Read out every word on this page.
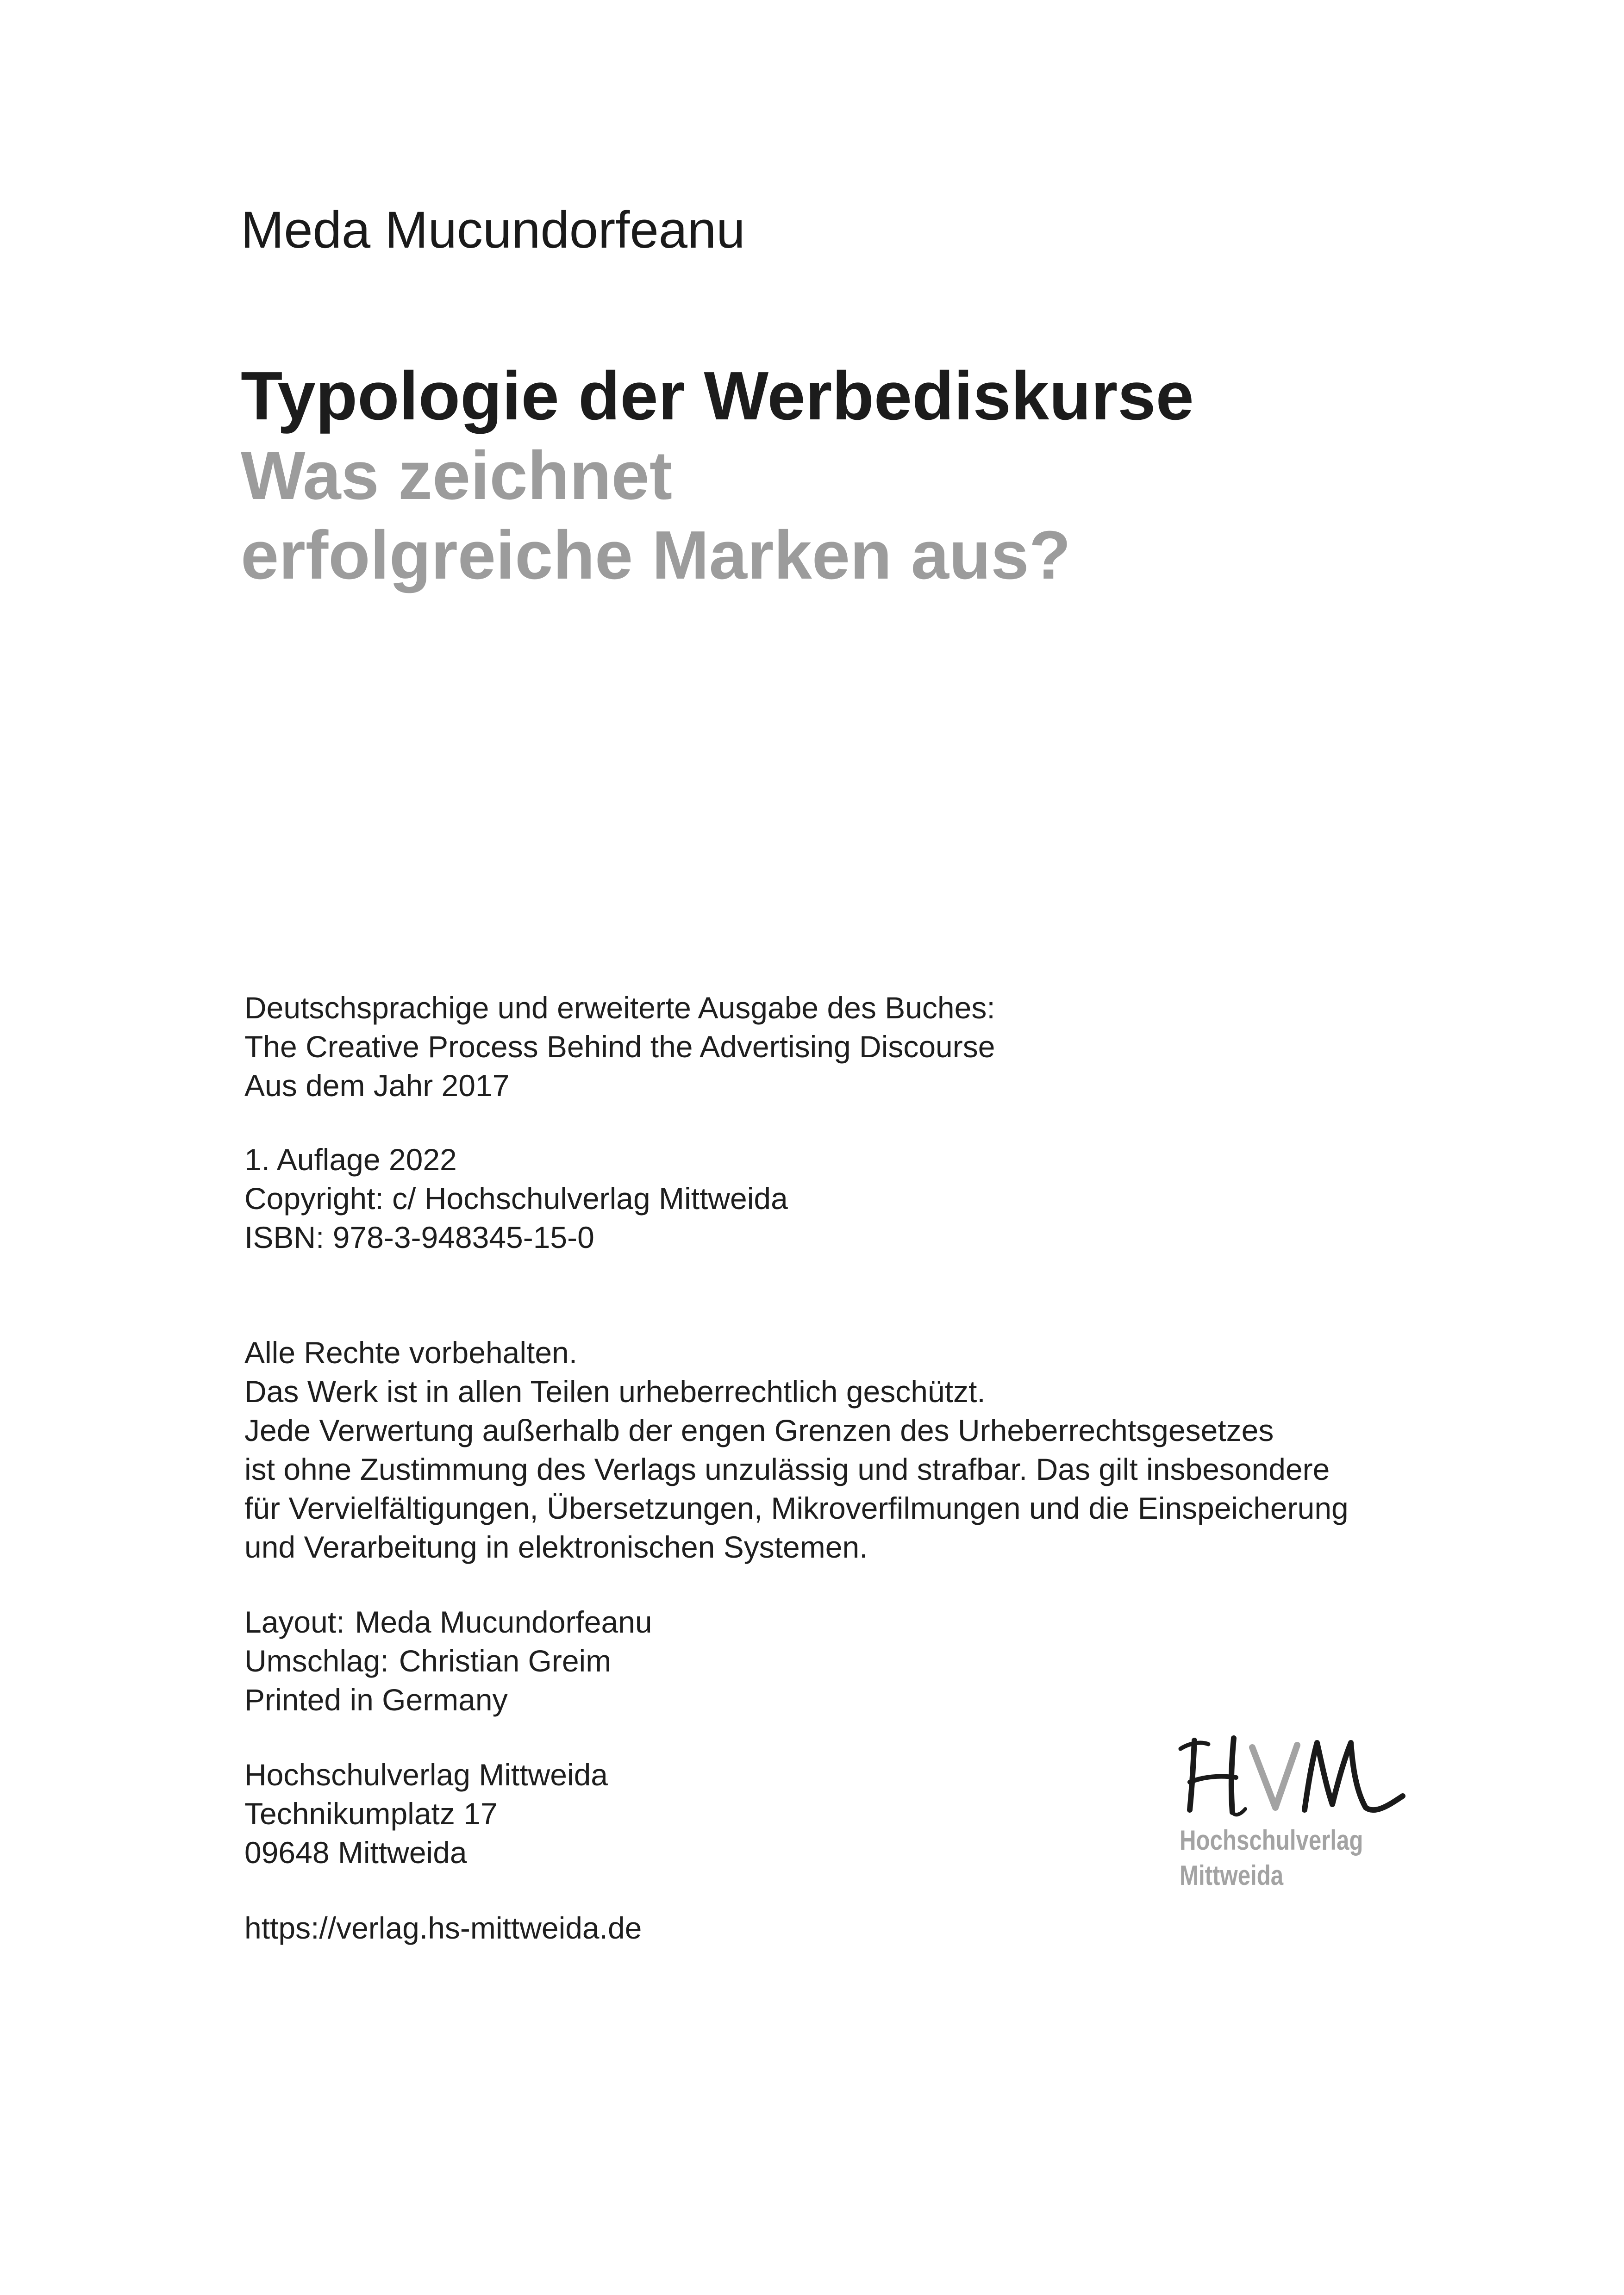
Meda Mucundorfeanu
Typologie der Werbediskurse
Was zeichnet
erfolgreiche Marken aus?
Deutschsprachige und erweiterte Ausgabe des Buches:
The Creative Process Behind the Advertising Discourse
Aus dem Jahr 2017
1. Auflage 2022
Copyright: c/ Hochschulverlag Mittweida
ISBN: 978-3-948345-15-0
Alle Rechte vorbehalten.
Das Werk ist in allen Teilen urheberrechtlich geschützt.
Jede Verwertung außerhalb der engen Grenzen des Urheberrechtsgesetzes
ist ohne Zustimmung des Verlags unzulässig und strafbar. Das gilt insbesondere
für Vervielfältigungen, Übersetzungen, Mikroverfilmungen und die Einspeicherung
und Verarbeitung in elektronischen Systemen.
Layout: Meda Mucundorfeanu
Umschlag: Christian Greim
Printed in Germany
Hochschulverlag Mittweida
Technikumplatz 17
09648 Mittweida
https://verlag.hs-mittweida.de
Hochschulverlag
Mittweida
